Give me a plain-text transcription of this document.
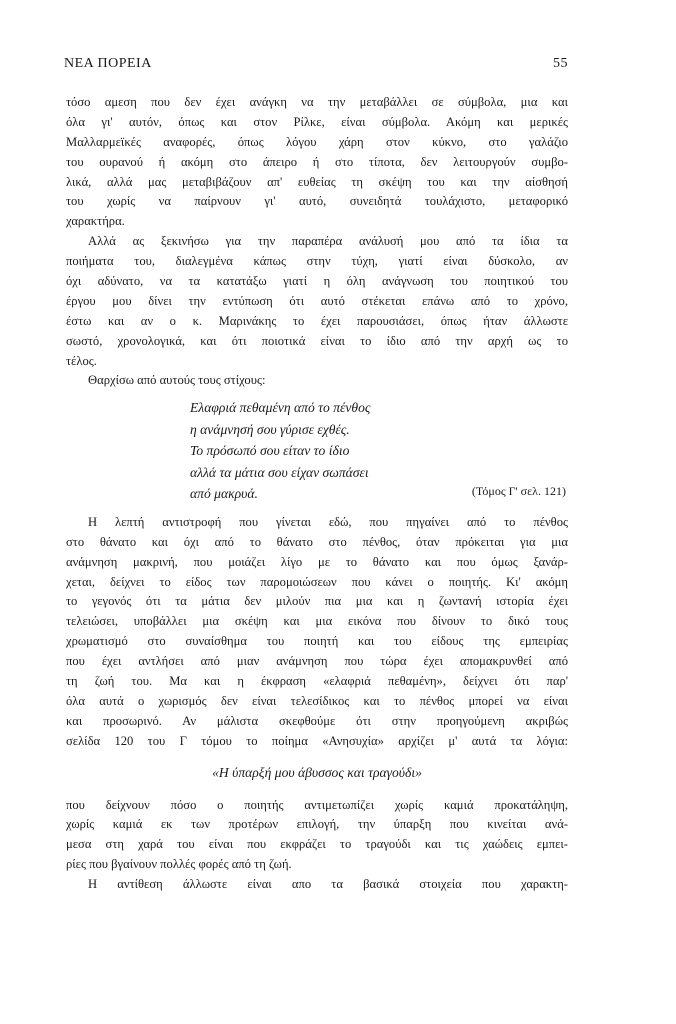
ΝΕΑ ΠΟΡΕΙΑ	55
τόσο αμεση που δεν έχει ανάγκη να την μεταβάλλει σε σύμβολα, μια και
όλα γι' αυτόν, όπως και στον Ρίλκε, είναι σύμβολα. Ακόμη και μερικές
Μαλλαρμεϊκές αναφορές, όπως λόγου χάρη στον κύκνο, στο γαλάζιο
του ουρανού ή ακόμη στο άπειρο ή στο τίποτα, δεν λειτουργούν συμβο-
λικά, αλλά μας μεταβιβάζουν απ' ευθείας τη σκέψη του και την αίσθησή
του χωρίς να παίρνουν γι' αυτό, συνειδητά τουλάχιστο, μεταφορικό
χαρακτήρα.
Αλλά ας ξεκινήσω για την παραπέρα ανάλυσή μου από τα ίδια τα
ποιήματα του, διαλεγμένα κάπως στην τύχη, γιατί είναι δύσκολο, αν
όχι αδύνατο, να τα κατατάξω γιατί η όλη ανάγνωση του ποιητικού του
έργου μου δίνει την εντύπωση ότι αυτό στέκεται επάνω από το χρόνο,
έστω και αν ο κ. Μαρινάκης το έχει παρουσιάσει, όπως ήταν άλλωστε
σωστό, χρονολογικά, και ότι ποιοτικά είναι το ίδιο από την αρχή ως το
τέλος.
Θαρχίσω από αυτούς τους στίχους:
Ελαφριά πεθαμένη από το πένθος
η ανάμνησή σου γύρισε εχθές.
Το πρόσωπό σου είταν το ίδιο
αλλά τα μάτια σου είχαν σωπάσει
από μακρυά.	(Τόμος Γ' σελ. 121)
Η λεπτή αντιστροφή που γίνεται εδώ, που πηγαίνει από το πένθος
στο θάνατο και όχι από το θάνατο στο πένθος, όταν πρόκειται για μια
ανάμνηση μακρινή, που μοιάζει λίγο με το θάνατο και που όμως ξανάρ-
χεται, δείχνει το είδος των παρομοιώσεων που κάνει ο ποιητής. Κι' ακόμη
το γεγονός ότι τα μάτια δεν μιλούν πια μια και η ζωντανή ιστορία έχει
τελειώσει, υποβάλλει μια σκέψη και μια εικόνα που δίνουν το δικό τους
χρωματισμό στο συναίσθημα του ποιητή και του είδους της εμπειρίας
που έχει αντλήσει από μιαν ανάμνηση που τώρα έχει απομακρυνθεί από
τη ζωή του. Μα και η έκφραση «ελαφριά πεθαμένη», δείχνει ότι παρ'
όλα αυτά ο χωρισμός δεν είναι τελεσίδικος και το πένθος μπορεί να είναι
και προσωρινό. Αν μάλιστα σκεφθούμε ότι στην προηγούμενη ακριβώς
σελίδα 120 του Γ τόμου το ποίημα «Ανησυχία» αρχίζει μ' αυτά τα λόγια:
«Η ύπαρξή μου άβυσσος και τραγούδι»
που δείχνουν πόσο ο ποιητής αντιμετωπίζει χωρίς καμιά προκατάληψη,
χωρίς καμιά εκ των προτέρων επιλογή, την ύπαρξη που κινείται ανά-
μεσα στη χαρά του είναι που εκφράζει το τραγούδι και τις χαώδεις εμπει-
ρίες που βγαίνουν πολλές φορές από τη ζωή.
Η αντίθεση άλλωστε είναι απο τα βασικά στοιχεία που χαρακτη-
